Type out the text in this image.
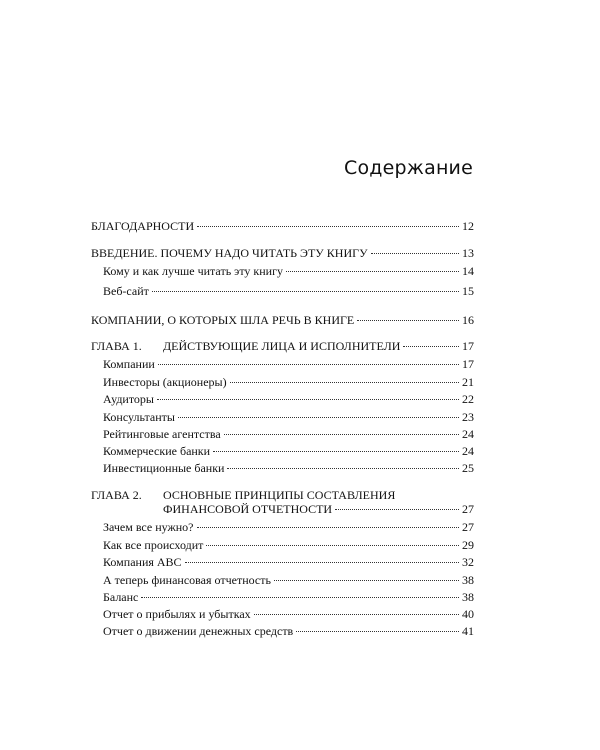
Содержание
БЛАГОДАРНОСТИ	12
ВВЕДЕНИЕ. ПОЧЕМУ НАДО ЧИТАТЬ ЭТУ КНИГУ	13
Кому и как лучше читать эту книгу	14
Веб-сайт	15
КОМПАНИИ, О КОТОРЫХ ШЛА РЕЧЬ В КНИГЕ	16
ГЛАВА 1.	ДЕЙСТВУЮЩИЕ ЛИЦА И ИСПОЛНИТЕЛИ	17
Компании	17
Инвесторы (акционеры)	21
Аудиторы	22
Консультанты	23
Рейтинговые агентства	24
Коммерческие банки	24
Инвестиционные банки	25
ГЛАВА 2. ОСНОВНЫЕ ПРИНЦИПЫ СОСТАВЛЕНИЯ
ФИНАНСОВОЙ ОТЧЕТНОСТИ	27
Зачем все нужно?	27
Как все происходит	29
Компания ABC	32
А теперь финансовая отчетность	38
Баланс	38
Отчет о прибылях и убытках	40
Отчет о движении денежных средств	41
